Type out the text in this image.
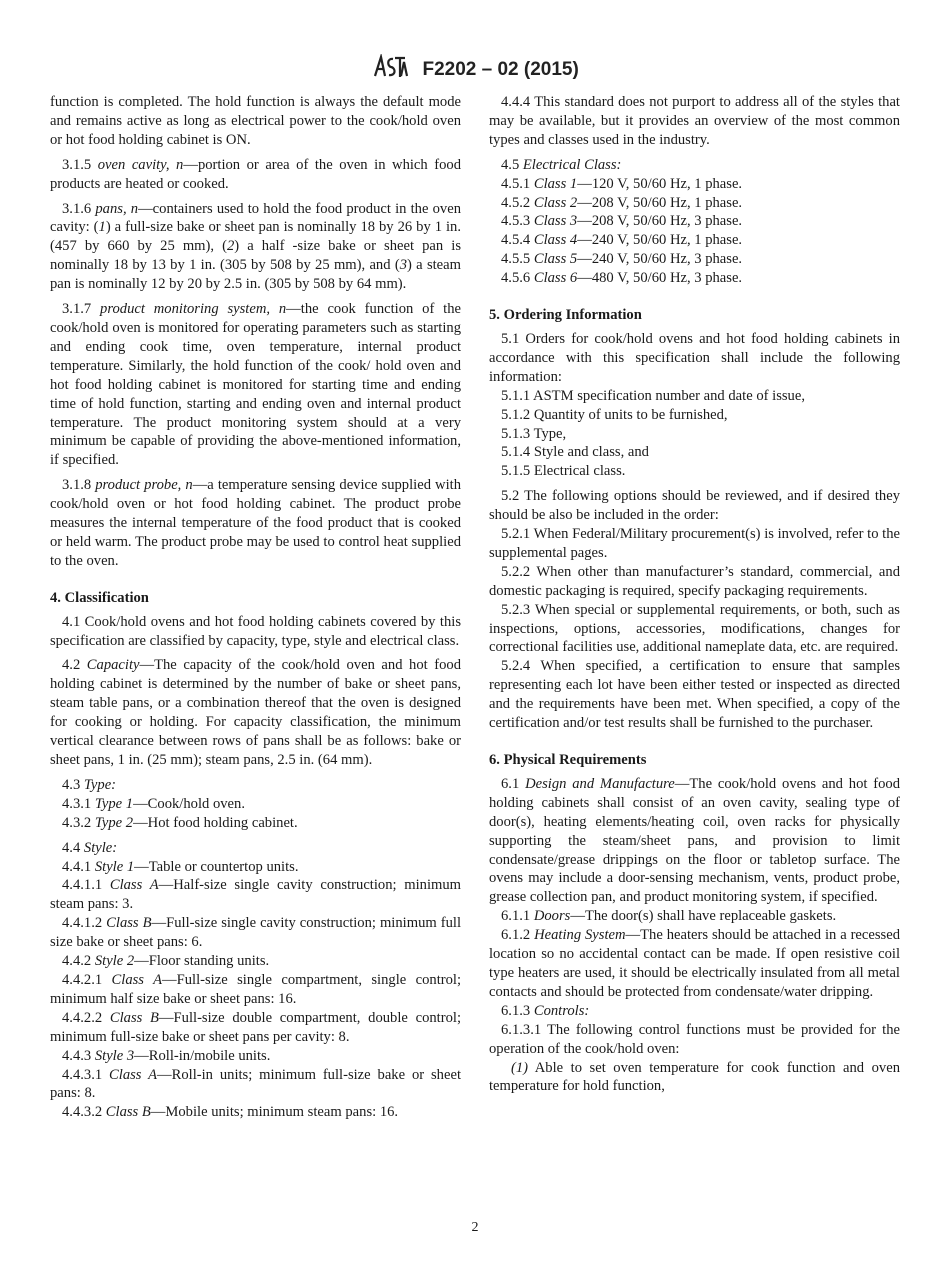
F2202 – 02 (2015)
function is completed. The hold function is always the default mode and remains active as long as electrical power to the cook/hold oven or hot food holding cabinet is ON.
3.1.5 oven cavity, n—portion or area of the oven in which food products are heated or cooked.
3.1.6 pans, n—containers used to hold the food product in the oven cavity: (1) a full-size bake or sheet pan is nominally 18 by 26 by 1 in. (457 by 660 by 25 mm), (2) a half -size bake or sheet pan is nominally 18 by 13 by 1 in. (305 by 508 by 25 mm), and (3) a steam pan is nominally 12 by 20 by 2.5 in. (305 by 508 by 64 mm).
3.1.7 product monitoring system, n—the cook function of the cook/hold oven is monitored for operating parameters such as starting and ending cook time, oven temperature, internal product temperature. Similarly, the hold function of the cook/ hold oven and hot food holding cabinet is monitored for starting time and ending time of hold function, starting and ending oven and internal product temperature. The product monitoring system should at a very minimum be capable of providing the above-mentioned information, if specified.
3.1.8 product probe, n—a temperature sensing device supplied with cook/hold oven or hot food holding cabinet. The product probe measures the internal temperature of the food product that is cooked or held warm. The product probe may be used to control heat supplied to the oven.
4. Classification
4.1 Cook/hold ovens and hot food holding cabinets covered by this specification are classified by capacity, type, style and electrical class.
4.2 Capacity—The capacity of the cook/hold oven and hot food holding cabinet is determined by the number of bake or sheet pans, steam table pans, or a combination thereof that the oven is designed for cooking or holding. For capacity classification, the minimum vertical clearance between rows of pans shall be as follows: bake or sheet pans, 1 in. (25 mm); steam pans, 2.5 in. (64 mm).
4.3 Type:
4.3.1 Type 1—Cook/hold oven.
4.3.2 Type 2—Hot food holding cabinet.
4.4 Style:
4.4.1 Style 1—Table or countertop units.
4.4.1.1 Class A—Half-size single cavity construction; minimum steam pans: 3.
4.4.1.2 Class B—Full-size single cavity construction; minimum full size bake or sheet pans: 6.
4.4.2 Style 2—Floor standing units.
4.4.2.1 Class A—Full-size single compartment, single control; minimum half size bake or sheet pans: 16.
4.4.2.2 Class B—Full-size double compartment, double control; minimum full-size bake or sheet pans per cavity: 8.
4.4.3 Style 3—Roll-in/mobile units.
4.4.3.1 Class A—Roll-in units; minimum full-size bake or sheet pans: 8.
4.4.3.2 Class B—Mobile units; minimum steam pans: 16.
4.4.4 This standard does not purport to address all of the styles that may be available, but it provides an overview of the most common types and classes used in the industry.
4.5 Electrical Class:
4.5.1 Class 1—120 V, 50/60 Hz, 1 phase.
4.5.2 Class 2—208 V, 50/60 Hz, 1 phase.
4.5.3 Class 3—208 V, 50/60 Hz, 3 phase.
4.5.4 Class 4—240 V, 50/60 Hz, 1 phase.
4.5.5 Class 5—240 V, 50/60 Hz, 3 phase.
4.5.6 Class 6—480 V, 50/60 Hz, 3 phase.
5. Ordering Information
5.1 Orders for cook/hold ovens and hot food holding cabinets in accordance with this specification shall include the following information:
5.1.1 ASTM specification number and date of issue,
5.1.2 Quantity of units to be furnished,
5.1.3 Type,
5.1.4 Style and class, and
5.1.5 Electrical class.
5.2 The following options should be reviewed, and if desired they should be also be included in the order:
5.2.1 When Federal/Military procurement(s) is involved, refer to the supplemental pages.
5.2.2 When other than manufacturer’s standard, commercial, and domestic packaging is required, specify packaging requirements.
5.2.3 When special or supplemental requirements, or both, such as inspections, options, accessories, modifications, changes for correctional facilities use, additional nameplate data, etc. are required.
5.2.4 When specified, a certification to ensure that samples representing each lot have been either tested or inspected as directed and the requirements have been met. When specified, a copy of the certification and/or test results shall be furnished to the purchaser.
6. Physical Requirements
6.1 Design and Manufacture—The cook/hold ovens and hot food holding cabinets shall consist of an oven cavity, sealing type of door(s), heating elements/heating coil, oven racks for physically supporting the steam/sheet pans, and provision to limit condensate/grease drippings on the floor or tabletop surface. The ovens may include a door-sensing mechanism, vents, product probe, grease collection pan, and product monitoring system, if specified.
6.1.1 Doors—The door(s) shall have replaceable gaskets.
6.1.2 Heating System—The heaters should be attached in a recessed location so no accidental contact can be made. If open resistive coil type heaters are used, it should be electrically insulated from all metal contacts and should be protected from condensate/water dripping.
6.1.3 Controls:
6.1.3.1 The following control functions must be provided for the operation of the cook/hold oven:
(1) Able to set oven temperature for cook function and oven temperature for hold function,
2
